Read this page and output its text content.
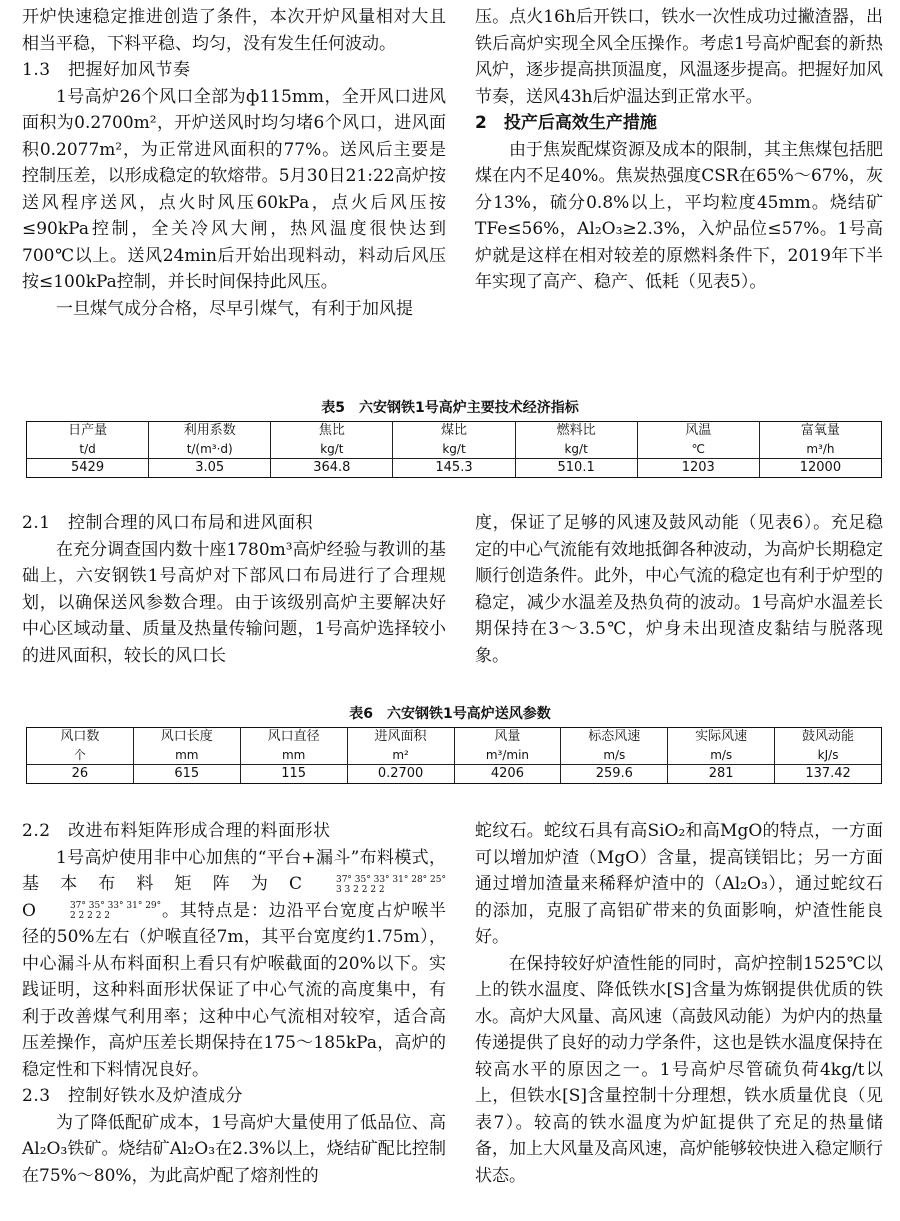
开炉快速稳定推进创造了条件，本次开炉风量相对大且相当平稳，下料平稳、均匀，没有发生任何波动。

1.3　把握好加风节奏

1号高炉26个风口全部为ф115mm，全开风口进风面积为0.2700m²，开炉送风时均匀堵6个风口，进风面积0.2077m²，为正常进风面积的77%。送风后主要是控制压差，以形成稳定的软熔带。5月30日21:22高炉按送风程序送风，点火时风压60kPa，点火后风压按≤90kPa控制，全关冷风大闸，热风温度很快达到700℃以上。送风24min后开始出现料动，料动后风压按≤100kPa控制，并长时间保持此风压。

一旦煤气成分合格，尽早引煤气，有利于加风提

压。点火16h后开铁口，铁水一次性成功过撇渣器，出铁后高炉实现全风全压操作。考虑1号高炉配套的新热风炉，逐步提高拱顶温度，风温逐步提高。把握好加风节奏，送风43h后炉温达到正常水平。

2　投产后高效生产措施

由于焦炭配煤资源及成本的限制，其主焦煤包括肥煤在内不足40%。焦炭热强度CSR在65%～67%，灰分13%，硫分0.8%以上，平均粒度45mm。烧结矿TFe≤56%，Al₂O₃≥2.3%，入炉品位≤57%。1号高炉就是这样在相对较差的原燃料条件下，2019年下半年实现了高产、稳产、低耗（见表5）。

表5　六安钢铁1号高炉主要技术经济指标
日产量	利用系数	焦比	煤比	燃料比	风温	富氧量
t/d	t/(m³·d)	kg/t	kg/t	kg/t	℃	m³/h
5429	3.05	364.8	145.3	510.1	1203	12000

2.1　控制合理的风口布局和进风面积

在充分调查国内数十座1780m³高炉经验与教训的基础上，六安钢铁1号高炉对下部风口布局进行了合理规划，以确保送风参数合理。由于该级别高炉主要解决好中心区域动量、质量及热量传输问题，1号高炉选择较小的进风面积，较长的风口长

度，保证了足够的风速及鼓风动能（见表6）。充足稳定的中心气流能有效地抵御各种波动，为高炉长期稳定顺行创造条件。此外，中心气流的稳定也有利于炉型的稳定，减少水温差及热负荷的波动。1号高炉水温差长期保持在3～3.5℃，炉身未出现渣皮黏结与脱落现象。

表6　六安钢铁1号高炉送风参数
风口数	风口长度	风口直径	进风面积	风量	标态风速	实际风速	鼓风动能
个	mm	mm	m²	m³/min	m/s	m/s	kJ/s
26	615	115	0.2700	4206	259.6	281	137.42

2.2　改进布料矩阵形成合理的料面形状

1号高炉使用非中心加焦的“平台+漏斗”布料模式，基本布料矩阵为C	37° 35° 33° 31° 28° 25°
3 3 2 2 2 2
O	37° 35° 33° 31° 29°
2 2 2 2 2	。其特点是：边沿平台宽度占炉喉半径的50%左右（炉喉直径7m，其平台宽度约1.75m），中心漏斗从布料面积上看只有炉喉截面的20%以下。实践证明，这种料面形状保证了中心气流的高度集中，有利于改善煤气利用率；这种中心气流相对较窄，适合高压差操作，高炉压差长期保持在175～185kPa，高炉的稳定性和下料情况良好。

2.3　控制好铁水及炉渣成分

为了降低配矿成本，1号高炉大量使用了低品位、高Al₂O₃铁矿。烧结矿Al₂O₃在2.3%以上，烧结矿配比控制在75%～80%，为此高炉配了熔剂性的

蛇纹石。蛇纹石具有高SiO₂和高MgO的特点，一方面可以增加炉渣（MgO）含量，提高镁铝比；另一方面通过增加渣量来稀释炉渣中的（Al₂O₃），通过蛇纹石的添加，克服了高铝矿带来的负面影响，炉渣性能良好。

在保持较好炉渣性能的同时，高炉控制1525℃以上的铁水温度、降低铁水[S]含量为炼钢提供优质的铁水。高炉大风量、高风速（高鼓风动能）为炉内的热量传递提供了良好的动力学条件，这也是铁水温度保持在较高水平的原因之一。1号高炉尽管硫负荷4kg/t以上，但铁水[S]含量控制十分理想，铁水质量优良（见表7）。较高的铁水温度为炉缸提供了充足的热量储备，加上大风量及高风速，高炉能够较快进入稳定顺行状态。
